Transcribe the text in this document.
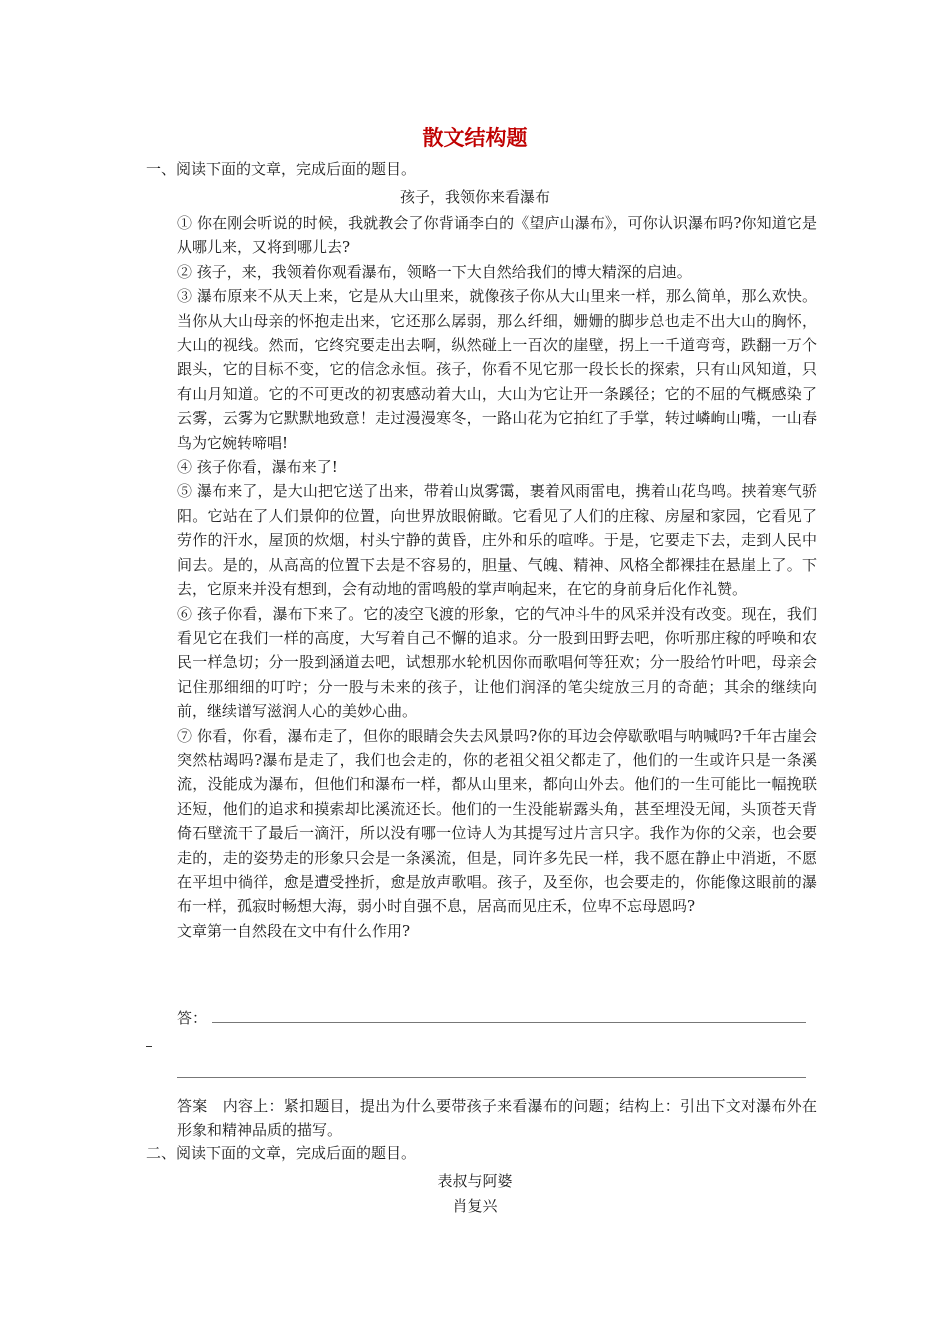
散文结构题
一、阅读下面的文章，完成后面的题目。
孩子，我领你来看瀑布

① 你在刚会听说的时候，我就教会了你背诵李白的《望庐山瀑布》，可你认识瀑布吗?你知道它是从哪儿来，又将到哪儿去?

② 孩子，来，我领着你观看瀑布，领略一下大自然给我们的博大精深的启迪。

③ 瀑布原来不从天上来，它是从大山里来，就像孩子你从大山里来一样，那么简单，那么欢快。当你从大山母亲的怀抱走出来，它还那么孱弱，那么纤细，姗姗的脚步总也走不出大山的胸怀，大山的视线。然而，它终究要走出去啊，纵然碰上一百次的崖壁，拐上一千道弯弯，跌翻一万个跟头，它的目标不变，它的信念永恒。孩子，你看不见它那一段长长的探索，只有山风知道，只有山月知道。它的不可更改的初衷感动着大山，大山为它让开一条蹊径；它的不屈的气概感染了云雾，云雾为它默默地致意！走过漫漫寒冬，一路山花为它拍红了手掌，转过嶙峋山嘴，一山春鸟为它婉转啼唱!

④ 孩子你看，瀑布来了!

⑤ 瀑布来了，是大山把它送了出来，带着山岚雾霭，裹着风雨雷电，携着山花鸟鸣。挟着寒气骄阳。它站在了人们景仰的位置，向世界放眼俯瞰。它看见了人们的庄稼、房屋和家园，它看见了劳作的汗水，屋顶的炊烟，村头宁静的黄昏，庄外和乐的喧哗。于是，它要走下去，走到人民中间去。是的，从高高的位置下去是不容易的，胆量、气魄、精神、风格全都裸挂在悬崖上了。下去，它原来并没有想到，会有动地的雷鸣般的掌声响起来，在它的身前身后化作礼赞。

⑥ 孩子你看，瀑布下来了。它的凌空飞渡的形象，它的气冲斗牛的风采并没有改变。现在，我们看见它在我们一样的高度，大写着自己不懈的追求。分一股到田野去吧，你听那庄稼的呼唤和农民一样急切；分一股到涵道去吧，试想那水轮机因你而歌唱何等狂欢；分一股给竹叶吧，母亲会记住那细细的叮咛；分一股与未来的孩子，让他们润泽的笔尖绽放三月的奇葩；其余的继续向前，继续谱写滋润人心的美妙心曲。

⑦ 你看，你看，瀑布走了，但你的眼睛会失去风景吗?你的耳边会停歇歌唱与呐喊吗?千年古崖会突然枯竭吗?瀑布是走了，我们也会走的，你的老祖父祖父都走了，他们的一生或许只是一条溪流，没能成为瀑布，但他们和瀑布一样，都从山里来，都向山外去。他们的一生可能比一幅挽联还短，他们的追求和摸索却比溪流还长。他们的一生没能崭露头角，甚至埋没无闻，头顶苍天背倚石壁流干了最后一滴汗，所以没有哪一位诗人为其提写过片言只字。我作为你的父亲，也会要走的，走的姿势走的形象只会是一条溪流，但是，同许多先民一样，我不愿在静止中消逝，不愿在平坦中徜徉，愈是遭受挫折，愈是放声歌唱。孩子，及至你，也会要走的，你能像这眼前的瀑布一样，孤寂时畅想大海，弱小时自强不息，居高而见庄禾，位卑不忘母恩吗?

文章第一自然段在文中有什么作用?

答：

答案　内容上：紧扣题目，提出为什么要带孩子来看瀑布的问题；结构上：引出下文对瀑布外在形象和精神品质的描写。

二、阅读下面的文章，完成后面的题目。
表叔与阿婆
肖复兴
